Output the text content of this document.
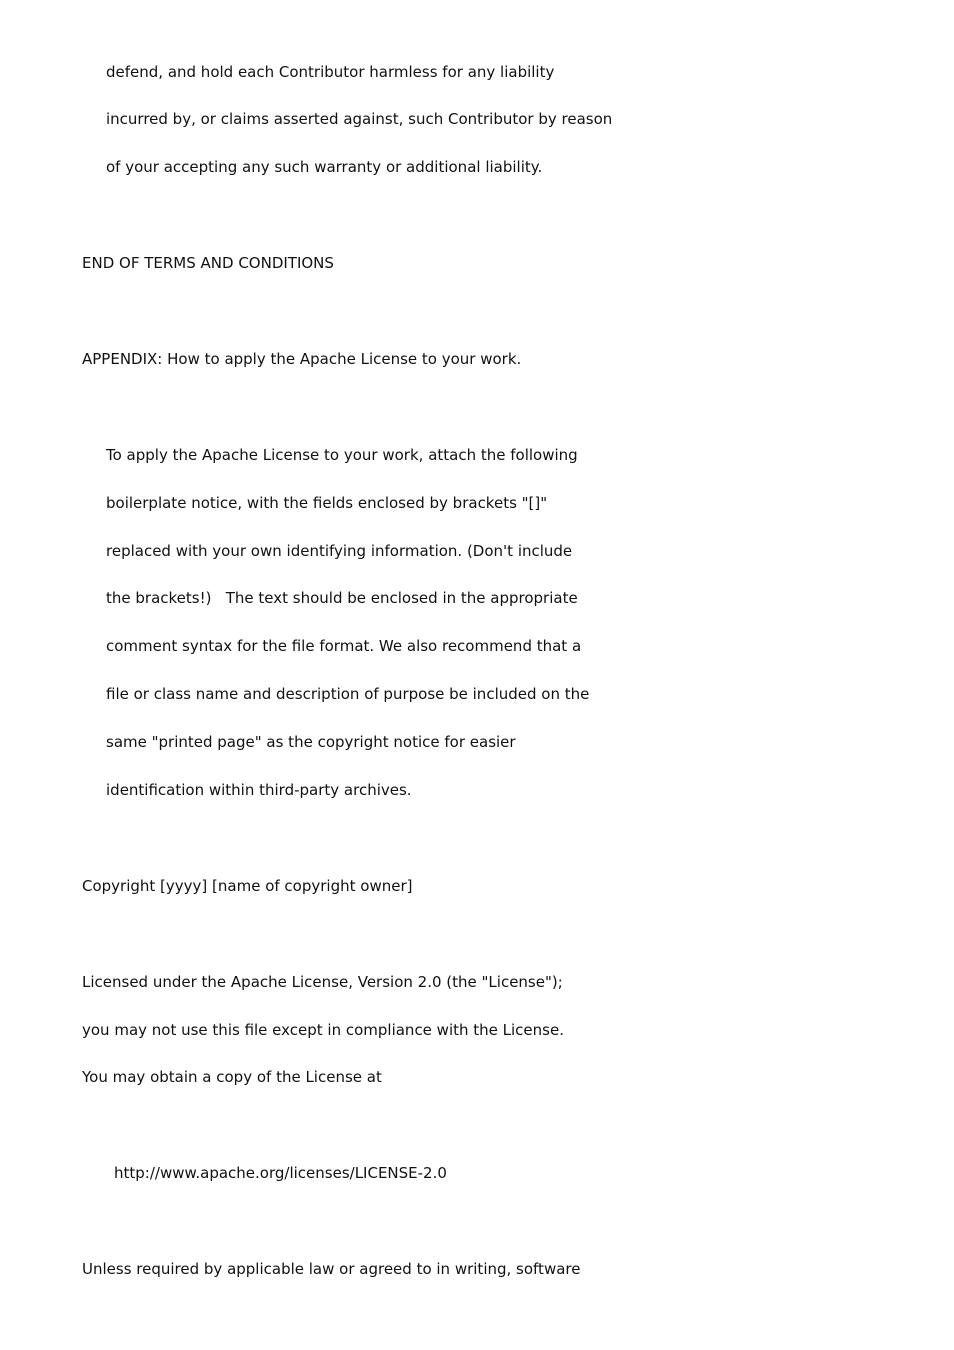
defend, and hold each Contributor harmless for any liability
incurred by, or claims asserted against, such Contributor by reason
of your accepting any such warranty or additional liability.
END OF TERMS AND CONDITIONS
APPENDIX: How to apply the Apache License to your work.
To apply the Apache License to your work, attach the following
boilerplate notice, with the fields enclosed by brackets "[]"
replaced with your own identifying information. (Don't include
the brackets!)   The text should be enclosed in the appropriate
comment syntax for the file format. We also recommend that a
file or class name and description of purpose be included on the
same "printed page" as the copyright notice for easier
identification within third-party archives.
Copyright [yyyy] [name of copyright owner]
Licensed under the Apache License, Version 2.0 (the "License");
you may not use this file except in compliance with the License.
You may obtain a copy of the License at
http://www.apache.org/licenses/LICENSE-2.0
Unless required by applicable law or agreed to in writing, software
